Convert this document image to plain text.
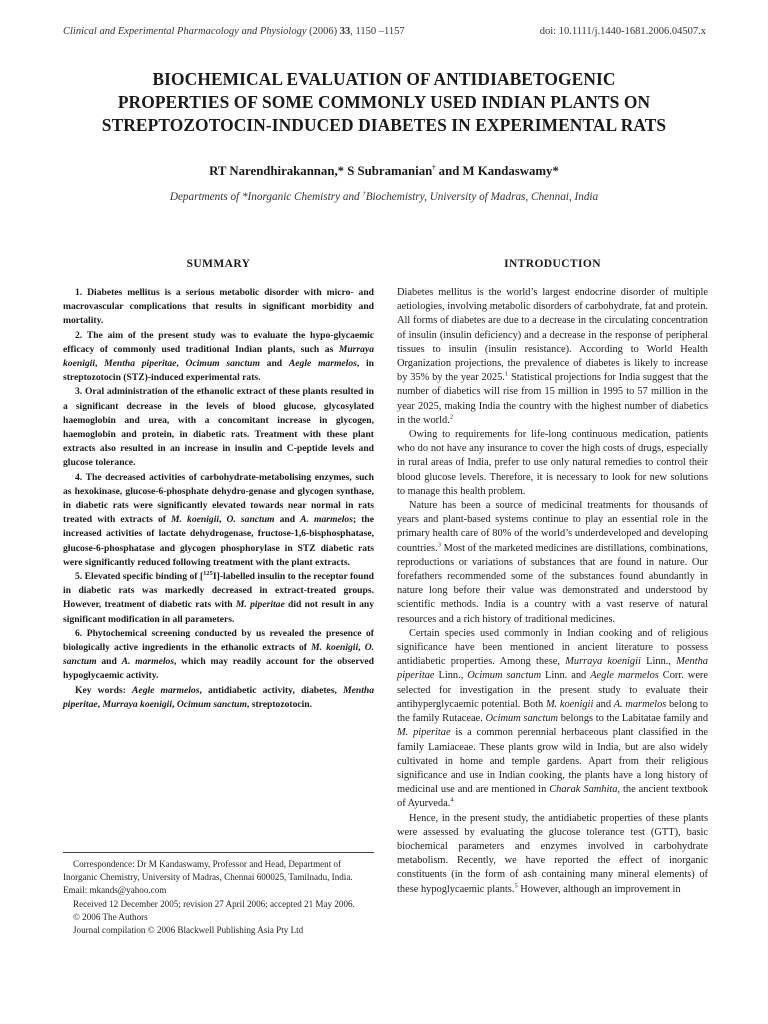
Clinical and Experimental Pharmacology and Physiology (2006) 33, 1150 –1157	doi: 10.1111/j.1440-1681.2006.04507.x
BIOCHEMICAL EVALUATION OF ANTIDIABETOGENIC
PROPERTIES OF SOME COMMONLY USED INDIAN PLANTS ON
STREPTOZOTOCIN-INDUCED DIABETES IN EXPERIMENTAL RATS
RT Narendhirakannan,* S Subramanian† and M Kandaswamy*
Departments of *Inorganic Chemistry and †Biochemistry, University of Madras, Chennai, India
SUMMARY

1. Diabetes mellitus is a serious metabolic disorder with micro- and macrovascular complications that results in significant morbidity and mortality.

2. The aim of the present study was to evaluate the hypo-glycaemic efficacy of commonly used traditional Indian plants, such as Murraya koenigii, Mentha piperitae, Ocimum sanctum and Aegle marmelos, in streptozotocin (STZ)-induced experimental rats.

3. Oral administration of the ethanolic extract of these plants resulted in a significant decrease in the levels of blood glucose, glycosylated haemoglobin and urea, with a concomitant increase in glycogen, haemoglobin and protein, in diabetic rats. Treatment with these plant extracts also resulted in an increase in insulin and C-peptide levels and glucose tolerance.

4. The decreased activities of carbohydrate-metabolising enzymes, such as hexokinase, glucose-6-phosphate dehydro-genase and glycogen synthase, in diabetic rats were significantly elevated towards near normal in rats treated with extracts of M. koenigii, O. sanctum and A. marmelos; the increased activities of lactate dehydrogenase, fructose-1,6-bisphosphatase, glucose-6-phosphatase and glycogen phosphorylase in STZ diabetic rats were significantly reduced following treatment with the plant extracts.

5. Elevated specific binding of [$^{125}$I]-labelled insulin to the receptor found in diabetic rats was markedly decreased in extract-treated groups. However, treatment of diabetic rats with M. piperitae did not result in any significant modification in all parameters.

6. Phytochemical screening conducted by us revealed the presence of biologically active ingredients in the ethanolic extracts of M. koenigii, O. sanctum and A. marmelos, which may readily account for the observed hypoglycaemic activity.

Key words: Aegle marmelos, antidiabetic activity, diabetes, Mentha piperitae, Murraya koenigii, Ocimum sanctum, streptozotocin.

Correspondence: Dr M Kandaswamy, Professor and Head, Department of Inorganic Chemistry, University of Madras, Chennai 600025, Tamilnadu, India. Email: mkands@yahoo.com

Received 12 December 2005; revision 27 April 2006; accepted 21 May 2006.

© 2006 The Authors

Journal compilation © 2006 Blackwell Publishing Asia Pty Ltd

INTRODUCTION

Diabetes mellitus is the world’s largest endocrine disorder of multiple aetiologies, involving metabolic disorders of carbohydrate, fat and protein. All forms of diabetes are due to a decrease in the circulating concentration of insulin (insulin deficiency) and a decrease in the response of peripheral tissues to insulin (insulin resistance). According to World Health Organization projections, the prevalence of diabetes is likely to increase by 35% by the year 2025.$^1$ Statistical projections for India suggest that the number of diabetics will rise from 15 million in 1995 to 57 million in the year 2025, making India the country with the highest number of diabetics in the world.$^2$

Owing to requirements for life-long continuous medication, patients who do not have any insurance to cover the high costs of drugs, especially in rural areas of India, prefer to use only natural remedies to control their blood glucose levels. Therefore, it is necessary to look for new solutions to manage this health problem.

Nature has been a source of medicinal treatments for thousands of years and plant-based systems continue to play an essential role in the primary health care of 80% of the world’s underdeveloped and developing countries.$^3$ Most of the marketed medicines are distillations, combinations, reproductions or variations of substances that are found in nature. Our forefathers recommended some of the substances found abundantly in nature long before their value was demonstrated and understood by scientific methods. India is a country with a vast reserve of natural resources and a rich history of traditional medicines.

Certain species used commonly in Indian cooking and of religious significance have been mentioned in ancient literature to possess antidiabetic properties. Among these, Murraya koenigii Linn., Mentha piperitae Linn., Ocimum sanctum Linn. and Aegle marmelos Corr. were selected for investigation in the present study to evaluate their antihyperglycaemic potential. Both M. koenigii and A. marmelos belong to the family Rutaceae. Ocimum sanctum belongs to the Labitatae family and M. piperitae is a common perennial herbaceous plant classified in the family Lamiaceae. These plants grow wild in India, but are also widely cultivated in home and temple gardens. Apart from their religious significance and use in Indian cooking, the plants have a long history of medicinal use and are mentioned in Charak Samhita, the ancient textbook of Ayurveda.$^4$

Hence, in the present study, the antidiabetic properties of these plants were assessed by evaluating the glucose tolerance test (GTT), basic biochemical parameters and enzymes involved in carbohydrate metabolism. Recently, we have reported the effect of inorganic constituents (in the form of ash containing many mineral elements) of these hypoglycaemic plants.$^5$ However, although an improvement in
